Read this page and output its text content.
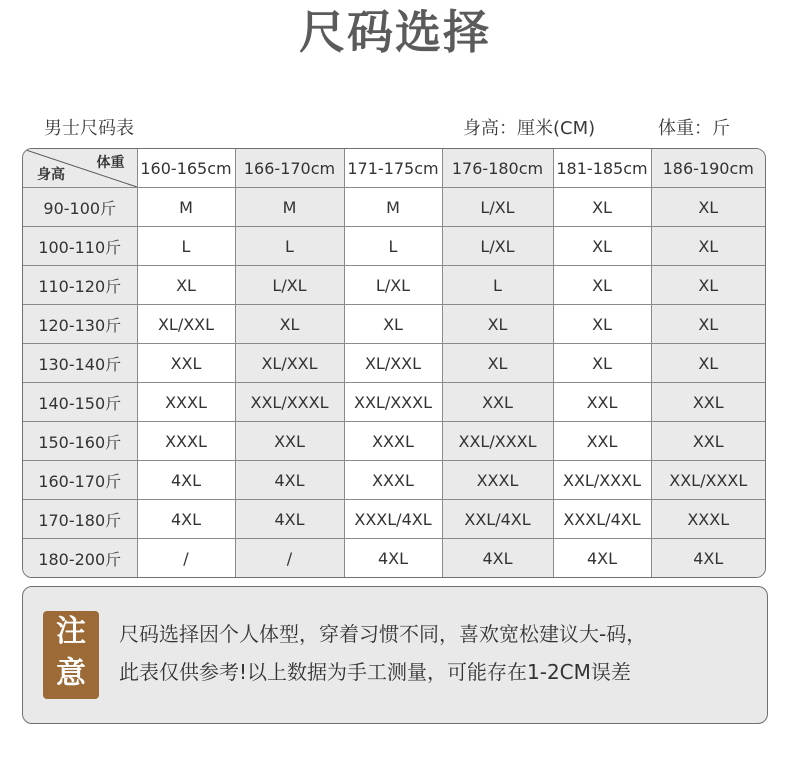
尺码选择
男士尺码表	身高：厘米(CM)	体重：斤
体重
身高	160-165cm	166-170cm	171-175cm	176-180cm	181-185cm	186-190cm
90-100斤	M	M	M	L/XL	XL	XL
100-110斤	L	L	L	L/XL	XL	XL
110-120斤	XL	L/XL	L/XL	L	XL	XL
120-130斤	XL/XXL	XL	XL	XL	XL	XL
130-140斤	XXL	XL/XXL	XL/XXL	XL	XL	XL
140-150斤	XXXL	XXL/XXXL	XXL/XXXL	XXL	XXL	XXL
150-160斤	XXXL	XXL	XXXL	XXL/XXXL	XXL	XXL
160-170斤	4XL	4XL	XXXL	XXXL	XXL/XXXL	XXL/XXXL
170-180斤	4XL	4XL	XXXL/4XL	XXL/4XL	XXXL/4XL	XXXL
180-200斤	/	/	4XL	4XL	4XL	4XL
注
意
尺码选择因个人体型，穿着习惯不同，喜欢宽松建议大-码，
此表仅供参考!以上数据为手工测量，可能存在1-2CM误差
